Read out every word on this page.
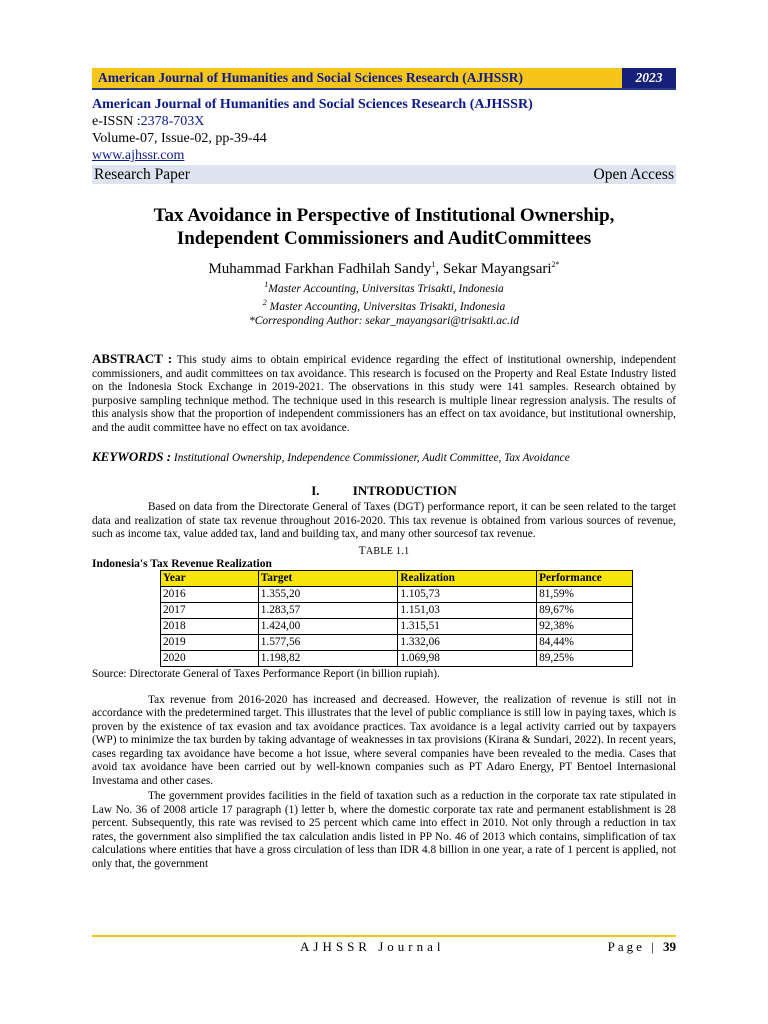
American Journal of Humanities and Social Sciences Research (AJHSSR)	2023
American Journal of Humanities and Social Sciences Research (AJHSSR)
e-ISSN :2378-703X
Volume-07, Issue-02, pp-39-44
www.ajhssr.com
Research Paper	Open Access
Tax Avoidance in Perspective of Institutional Ownership,
Independent Commissioners and AuditCommittees
Muhammad Farkhan Fadhilah Sandy$^1$, Sekar Mayangsari$^{2*}$
$^1$Master Accounting, Universitas Trisakti, Indonesia
$^2$ Master Accounting, Universitas Trisakti, Indonesia
*Corresponding Author: sekar_mayangsari@trisakti.ac.id
ABSTRACT : This study aims to obtain empirical evidence regarding the effect of institutional ownership, independent commissioners, and audit committees on tax avoidance. This research is focused on the Property and Real Estate Industry listed on the Indonesia Stock Exchange in 2019-2021. The observations in this study were 141 samples. Research obtained by purposive sampling technique method. The technique used in this research is multiple linear regression analysis. The results of this analysis show that the proportion of independent commissioners has an effect on tax avoidance, but institutional ownership, and the audit committee have no effect on tax avoidance.
KEYWORDS : Institutional Ownership, Independence Commissioner, Audit Committee, Tax Avoidance
I. INTRODUCTION
Based on data from the Directorate General of Taxes (DGT) performance report, it can be seen related to the target data and realization of state tax revenue throughout 2016-2020. This tax revenue is obtained from various sources of revenue, such as income tax, value added tax, land and building tax, and many other sourcesof tax revenue.
TABLE 1.1
Indonesia's Tax Revenue Realization
Year	Target	Realization	Performance
2016	1.355,20	1.105,73	81,59%
2017	1.283,57	1.151,03	89,67%
2018	1.424,00	1.315,51	92,38%
2019	1.577,56	1.332,06	84,44%
2020	1.198,82	1.069,98	89,25%
Source: Directorate General of Taxes Performance Report (in billion rupiah).
Tax revenue from 2016-2020 has increased and decreased. However, the realization of revenue is still not in accordance with the predetermined target. This illustrates that the level of public compliance is still low in paying taxes, which is proven by the existence of tax evasion and tax avoidance practices. Tax avoidance is a legal activity carried out by taxpayers (WP) to minimize the tax burden by taking advantage of weaknesses in tax provisions (Kirana & Sundari, 2022). In recent years, cases regarding tax avoidance have become a hot issue, where several companies have been revealed to the media. Cases that avoid tax avoidance have been carried out by well-known companies such as PT Adaro Energy, PT Bentoel Internasional Investama and other cases.
The government provides facilities in the field of taxation such as a reduction in the corporate tax rate stipulated in Law No. 36 of 2008 article 17 paragraph (1) letter b, where the domestic corporate tax rate and permanent establishment is 28 percent. Subsequently, this rate was revised to 25 percent which came into effect in 2010. Not only through a reduction in tax rates, the government also simplified the tax calculation andis listed in PP No. 46 of 2013 which contains, simplification of tax calculations where entities that have a gross circulation of less than IDR 4.8 billion in one year, a rate of 1 percent is applied, not only that, the government
AJHSSR Journal	Page | 39
